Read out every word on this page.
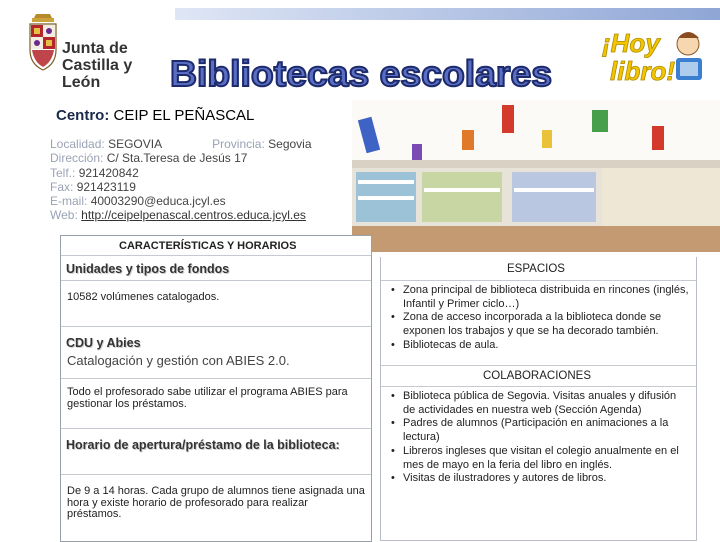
Junta de
Castilla y León	Bibliotecas escolares
¡Hoy
libro!
Centro: CEIP EL PEÑASCAL
Localidad: SEGOVIA	Provincia: Segovia
Dirección: C/ Sta.Teresa de Jesús 17
Telf.: 921420842
Fax: 921423119
E-mail: 40003290@educa.jcyl.es
Web: http://ceipelpenascal.centros.educa.jcyl.es
CARACTERÍSTICAS Y HORARIOS
Unidades y tipos de fondos
10582 volúmenes catalogados.
CDU y Abies
Catalogación y gestión con ABIES 2.0.
Todo el profesorado sabe utilizar el programa ABIES para gestionar los préstamos.
Horario de apertura/préstamo de la biblioteca:
De 9 a 14 horas. Cada grupo de alumnos tiene asignada una hora y existe horario de profesorado para realizar préstamos.
ESPACIOS
• Zona principal de biblioteca distribuida en rincones (inglés, Infantil y Primer ciclo…)
• Zona de acceso incorporada a la biblioteca donde se exponen los trabajos y que se ha decorado también.
• Bibliotecas de aula.
COLABORACIONES
• Biblioteca pública de Segovia. Visitas anuales y difusión de actividades en nuestra web (Sección Agenda)
• Padres de alumnos (Participación en animaciones a la lectura)
• Libreros ingleses que visitan el colegio anualmente en el mes de mayo en la feria del libro en inglés.
• Visitas de ilustradores y autores de libros.
